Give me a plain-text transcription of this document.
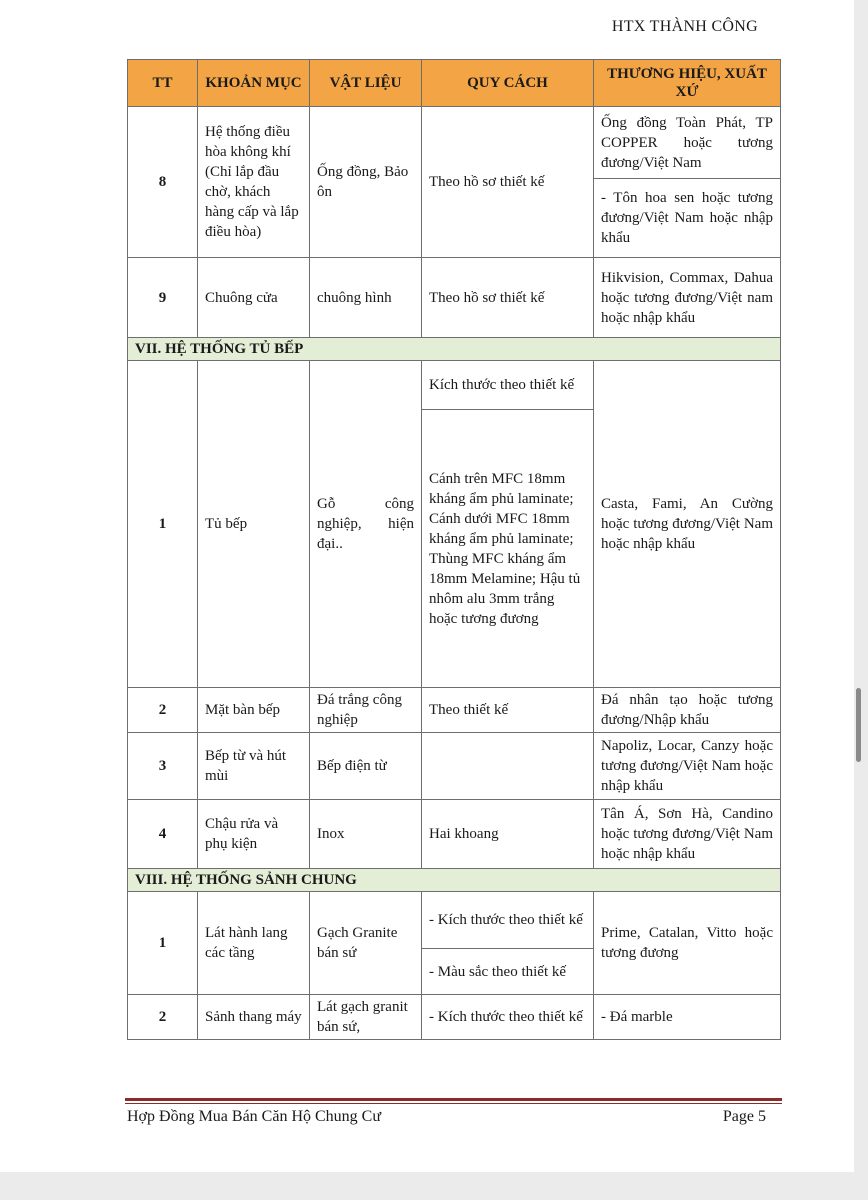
HTX THÀNH CÔNG
TT	KHOẢN MỤC	VẬT LIỆU	QUY CÁCH	THƯƠNG HIỆU, XUẤT XỨ
8	Hệ thống điều hòa không khí (Chỉ lắp đầu chờ, khách hàng cấp và lắp điều hòa)	Ống đồng, Bảo ôn	Theo hồ sơ thiết kế	Ống đồng Toàn Phát, TP COPPER hoặc tương đương/Việt Nam
				- Tôn hoa sen hoặc tương đương/Việt Nam hoặc nhập khẩu
9	Chuông cửa	chuông hình	Theo hồ sơ thiết kế	Hikvision, Commax, Dahua hoặc tương đương/Việt nam hoặc nhập khẩu
VII. HỆ THỐNG TỦ BẾP				
1	Tủ bếp	Gỗ công nghiệp, hiện đại..	Kích thước theo thiết kế	Casta, Fami, An Cường hoặc tương đương/Việt Nam hoặc nhập khẩu
			Cánh trên MFC 18mm kháng ẩm phủ laminate; Cánh dưới MFC 18mm kháng ẩm phủ laminate; Thùng MFC kháng ẩm 18mm Melamine; Hậu tủ nhôm alu 3mm trắng hoặc tương đương	
2	Mặt bàn bếp	Đá trắng công nghiệp	Theo thiết kế	Đá nhân tạo hoặc tương đương/Nhập khẩu
3	Bếp từ và hút mùi	Bếp điện từ		Napoliz, Locar, Canzy hoặc tương đương/Việt Nam hoặc nhập khẩu
4	Chậu rửa và phụ kiện	Inox	Hai khoang	Tân Á, Sơn Hà, Candino hoặc tương đương/Việt Nam hoặc nhập khẩu
VIII. HỆ THỐNG SẢNH CHUNG				
1	Lát hành lang các tầng	Gạch Granite bán sứ	- Kích thước theo thiết kế	Prime, Catalan, Vitto hoặc tương đương
			- Màu sắc theo thiết kế	
2	Sảnh thang máy	Lát gạch granit bán sứ,	- Kích thước theo thiết kế	- Đá marble
Hợp Đồng Mua Bán Căn Hộ Chung Cư	Page 5
